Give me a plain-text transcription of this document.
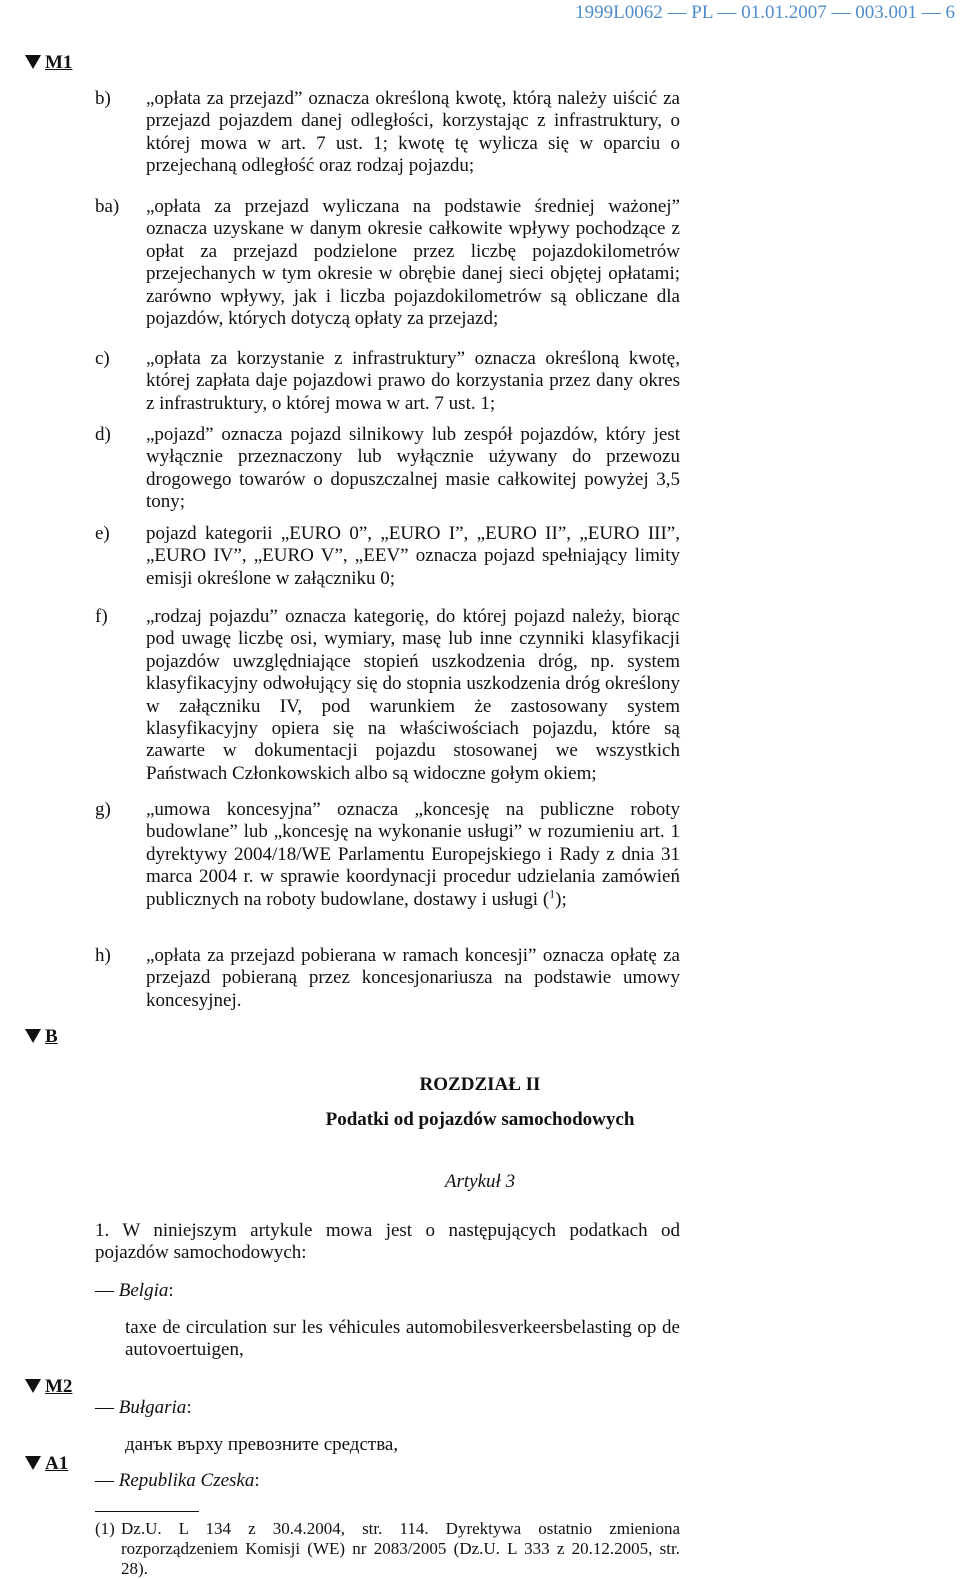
1999L0062 — PL — 01.01.2007 — 003.001 — 6
M1
B
M2
A1
b) „opłata za przejazd” oznacza określoną kwotę, którą należy uiścić za przejazd pojazdem danej odległości, korzystając z infrastruktury, o której mowa w art. 7 ust. 1; kwotę tę wylicza się w oparciu o przejechaną odległość oraz rodzaj pojazdu;
ba) „opłata za przejazd wyliczana na podstawie średniej ważonej” oznacza uzyskane w danym okresie całkowite wpływy pochodzące z opłat za przejazd podzielone przez liczbę pojazdokilometrów przejechanych w tym okresie w obrębie danej sieci objętej opłatami; zarówno wpływy, jak i liczba pojazdokilometrów są obliczane dla pojazdów, których dotyczą opłaty za przejazd;
c) „opłata za korzystanie z infrastruktury” oznacza określoną kwotę, której zapłata daje pojazdowi prawo do korzystania przez dany okres z infrastruktury, o której mowa w art. 7 ust. 1;
d) „pojazd” oznacza pojazd silnikowy lub zespół pojazdów, który jest wyłącznie przeznaczony lub wyłącznie używany do przewozu drogowego towarów o dopuszczalnej masie całkowitej powyżej 3,5 tony;
e) pojazd kategorii „EURO 0”, „EURO I”, „EURO II”, „EURO III”, „EURO IV”, „EURO V”, „EEV” oznacza pojazd spełniający limity emisji określone w załączniku 0;
f) „rodzaj pojazdu” oznacza kategorię, do której pojazd należy, biorąc pod uwagę liczbę osi, wymiary, masę lub inne czynniki klasyfikacji pojazdów uwzględniające stopień uszkodzenia dróg, np. system klasyfikacyjny odwołujący się do stopnia uszkodzenia dróg określony w załączniku IV, pod warunkiem że zastosowany system klasyfikacyjny opiera się na właściwościach pojazdu, które są zawarte w dokumentacji pojazdu stosowanej we wszystkich Państwach Członkowskich albo są widoczne gołym okiem;
g) „umowa koncesyjna” oznacza „koncesję na publiczne roboty budowlane” lub „koncesję na wykonanie usługi” w rozumieniu art. 1 dyrektywy 2004/18/WE Parlamentu Europejskiego i Rady z dnia 31 marca 2004 r. w sprawie koordynacji procedur udzielania zamówień publicznych na roboty budowlane, dostawy i usługi ($^1$);
h) „opłata za przejazd pobierana w ramach koncesji” oznacza opłatę za przejazd pobieraną przez koncesjonariusza na podstawie umowy koncesyjnej.
ROZDZIAŁ II
Podatki od pojazdów samochodowych
Artykuł 3
1. W niniejszym artykule mowa jest o następujących podatkach od pojazdów samochodowych:
— Belgia:
taxe de circulation sur les véhicules automobilesverkeersbelasting op de autovoertuigen,
— Bułgaria:
данък върху превозните средства,
— Republika Czeska:
(1) Dz.U. L 134 z 30.4.2004, str. 114. Dyrektywa ostatnio zmieniona rozporządzeniem Komisji (WE) nr 2083/2005 (Dz.U. L 333 z 20.12.2005, str. 28).
